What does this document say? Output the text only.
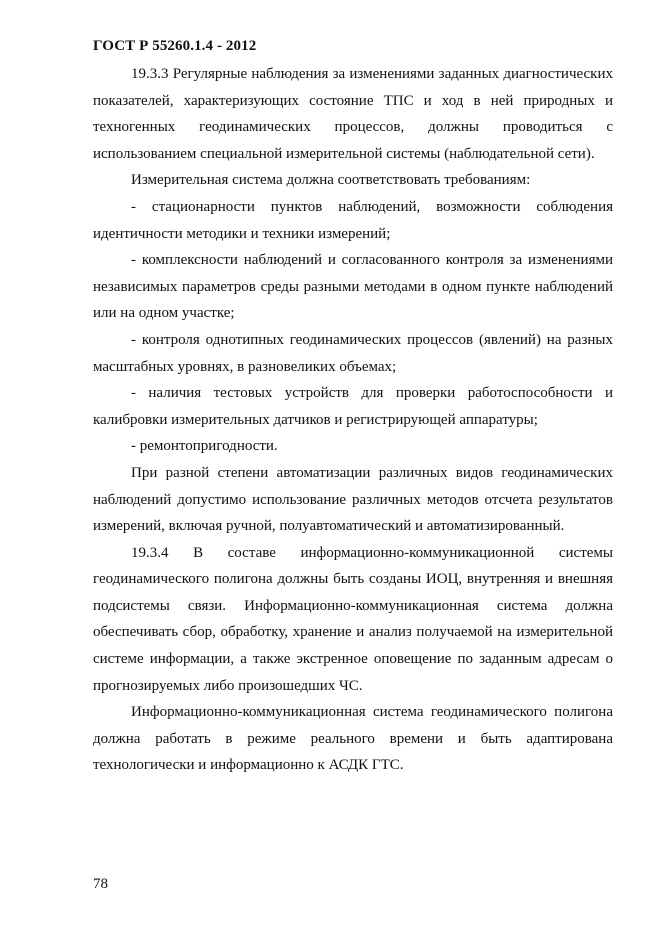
ГОСТ Р 55260.1.4 - 2012

19.3.3 Регулярные наблюдения за изменениями заданных диагностических показателей, характеризующих состояние ТПС и ход в ней природных и техногенных геодинамических процессов, должны проводиться с использованием специальной измерительной системы (наблюдательной сети).

Измерительная система должна соответствовать требованиям:

- стационарности пунктов наблюдений, возможности соблюдения идентичности методики и техники измерений;

- комплексности наблюдений и согласованного контроля за изменениями независимых параметров среды разными методами в одном пункте наблюдений или на одном участке;

- контроля однотипных геодинамических процессов (явлений) на разных масштабных уровнях, в разновеликих объемах;

- наличия тестовых устройств для проверки работоспособности и калибровки измерительных датчиков и регистрирующей аппаратуры;

- ремонтопригодности.

При разной степени автоматизации различных видов геодинамических наблюдений допустимо использование различных методов отсчета результатов измерений, включая ручной, полуавтоматический и автоматизированный.

19.3.4 В составе информационно-коммуникационной системы геодинамического полигона должны быть созданы ИОЦ, внутренняя и внешняя подсистемы связи. Информационно-коммуникационная система должна обеспечивать сбор, обработку, хранение и анализ получаемой на измерительной системе информации, а также экстренное оповещение по заданным адресам о прогнозируемых либо произошедших ЧС.

Информационно-коммуникационная система геодинамического полигона должна работать в режиме реального времени и быть адаптирована технологически и информационно к АСДК ГТС.

78
